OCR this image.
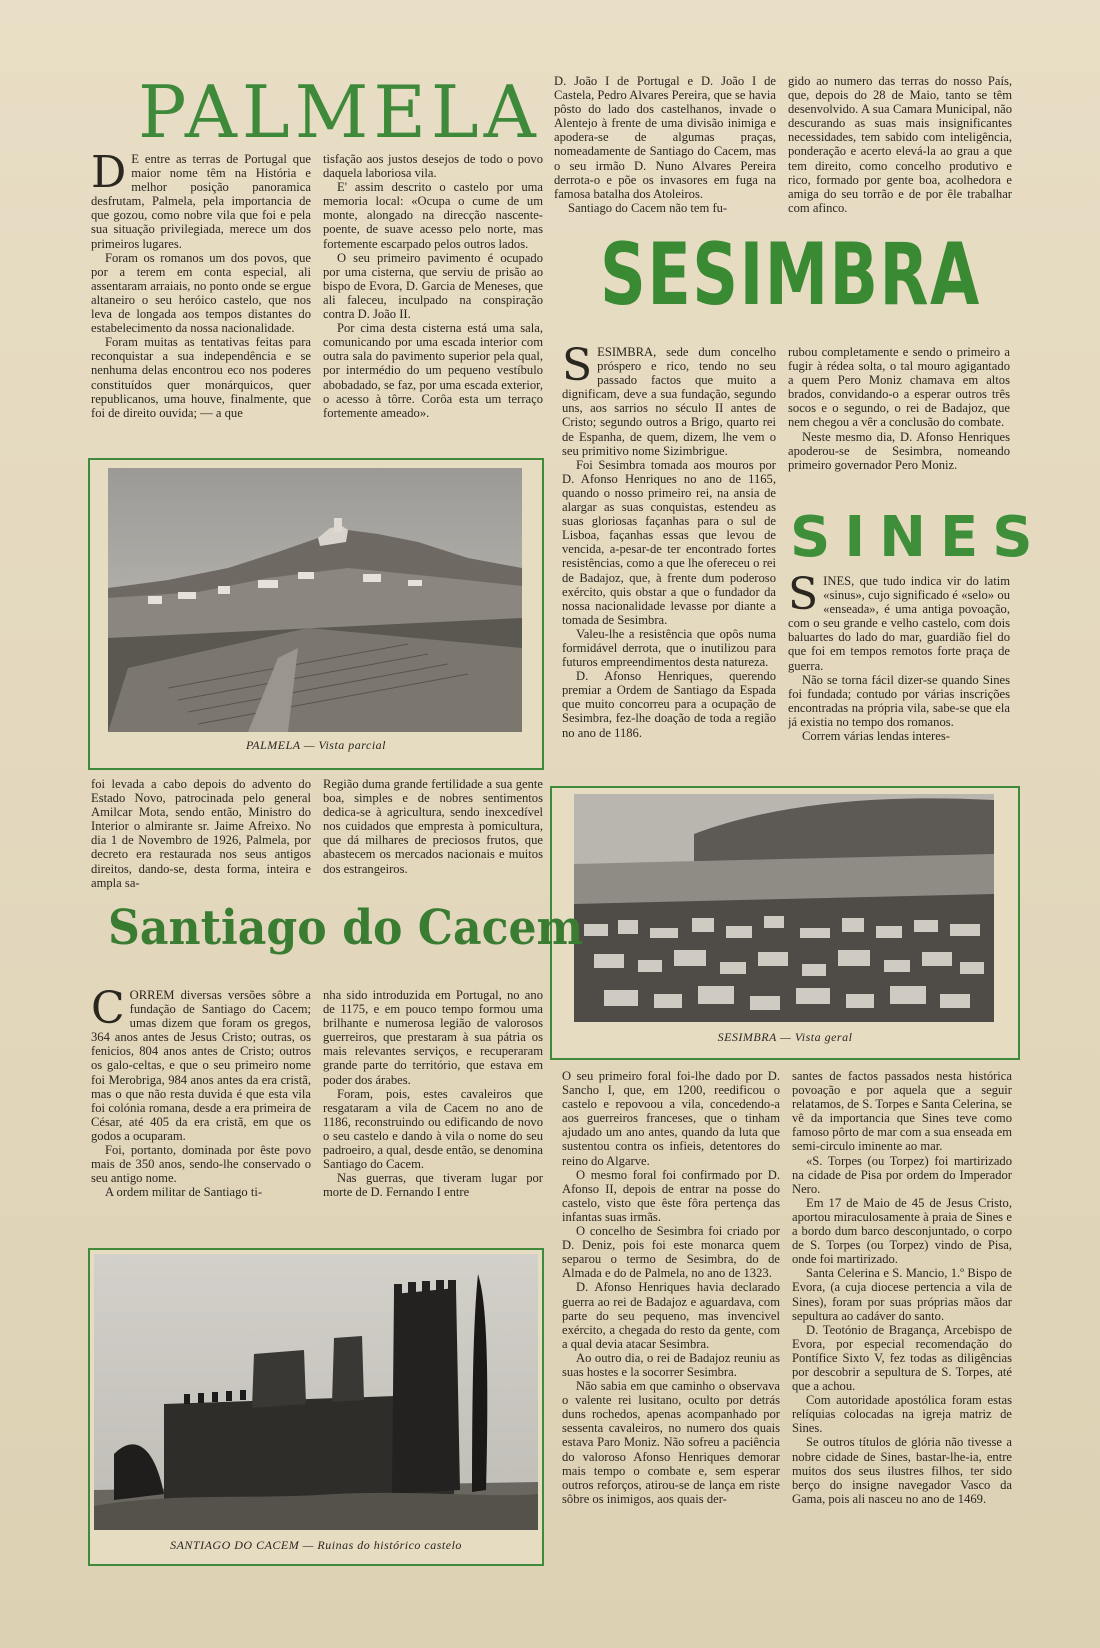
PALMELA
D E entre as terras de Portugal que maior nome têm na História e melhor posição panoramica desfrutam, Palmela, pela importancia de que gozou, como nobre vila que foi e pela sua situação privilegiada, merece um dos primeiros lugares.

Foram os romanos um dos povos, que por a terem em conta especial, ali assentaram arraiais, no ponto onde se ergue altaneiro o seu heróico castelo, que nos leva de longada aos tempos distantes do estabelecimento da nossa nacionalidade.

Foram muitas as tentativas feitas para reconquistar a sua independência e se nenhuma delas encontrou eco nos poderes constituídos quer monárquicos, quer republicanos, uma houve, finalmente, que foi de direito ouvida; — a que

tisfação aos justos desejos de todo o povo daquela laboriosa vila.

E' assim descrito o castelo por uma memoria local: «Ocupa o cume de um monte, alongado na direcção nascente-poente, de suave acesso pelo norte, mas fortemente escarpado pelos outros lados.

O seu primeiro pavimento é ocupado por uma cisterna, que serviu de prisão ao bispo de Evora, D. Garcia de Meneses, que ali faleceu, inculpado na conspiração contra D. João II.

Por cima desta cisterna está uma sala, comunicando por uma escada interior com outra sala do pavimento superior pela qual, por intermédio do um pequeno vestíbulo abobadado, se faz, por uma escada exterior, o acesso à tôrre. Corôa esta um terraço fortemente ameado».

D. João I de Portugal e D. João I de Castela, Pedro Alvares Pereira, que se havia pôsto do lado dos castelhanos, invade o Alentejo à frente de uma divisão inimiga e apodera-se de algumas praças, nomeadamente de Santiago do Cacem, mas o seu irmão D. Nuno Alvares Pereira derrota-o e põe os invasores em fuga na famosa batalha dos Atoleiros.

Santiago do Cacem não tem fu-

gido ao numero das terras do nosso País, que, depois do 28 de Maio, tanto se têm desenvolvido. A sua Camara Municipal, não descurando as suas mais insignificantes necessidades, tem sabido com inteligência, ponderação e acerto elevá-la ao grau a que tem direito, como concelho produtivo e rico, formado por gente boa, acolhedora e amiga do seu torrão e de por êle trabalhar com afinco.

SESIMBRA
S ESIMBRA, sede dum concelho próspero e rico, tendo no seu passado factos que muito a dignificam, deve a sua fundação, segundo uns, aos sarrios no século II antes de Cristo; segundo outros a Brigo, quarto rei de Espanha, de quem, dizem, lhe vem o seu primitivo nome Sizimbrigue.

Foi Sesimbra tomada aos mouros por D. Afonso Henriques no ano de 1165, quando o nosso primeiro rei, na ansia de alargar as suas conquistas, estendeu as suas gloriosas façanhas para o sul de Lisboa, façanhas essas que levou de vencida, a-pesar-de ter encontrado fortes resistências, como a que lhe ofereceu o rei de Badajoz, que, à frente dum poderoso exército, quis obstar a que o fundador da nossa nacionalidade levasse por diante a tomada de Sesimbra.

Valeu-lhe a resistência que opôs numa formidável derrota, que o inutilizou para futuros empreendimentos desta natureza.

D. Afonso Henriques, querendo premiar a Ordem de Santiago da Espada que muito concorreu para a ocupação de Sesimbra, fez-lhe doação de toda a região no ano de 1186.

rubou completamente e sendo o primeiro a fugir à rédea solta, o tal mouro agigantado a quem Pero Moniz chamava em altos brados, convidando-o a esperar outros três socos e o segundo, o rei de Badajoz, que nem chegou a vêr a conclusão do combate.

Neste mesmo dia, D. Afonso Henriques apoderou-se de Sesimbra, nomeando primeiro governador Pero Moniz.

SINES
S INES, que tudo indica vir do latim «sinus», cujo significado é «selo» ou «enseada», é uma antiga povoação, com o seu grande e velho castelo, com dois baluartes do lado do mar, guardião fiel do que foi em tempos remotos forte praça de guerra.

Não se torna fácil dizer-se quando Sines foi fundada; contudo por várias inscrições encontradas na própria vila, sabe-se que ela já existia no tempo dos romanos.

Correm várias lendas interes-

PALMELA — Vista parcial

foi levada a cabo depois do advento do Estado Novo, patrocinada pelo general Amilcar Mota, sendo então, Ministro do Interior o almirante sr. Jaime Afreixo. No dia 1 de Novembro de 1926, Palmela, por decreto era restaurada nos seus antigos direitos, dando-se, desta forma, inteira e ampla sa-

Região duma grande fertilidade a sua gente boa, simples e de nobres sentimentos dedica-se à agricultura, sendo inexcedível nos cuidados que empresta à pomicultura, que dá milhares de preciosos frutos, que abastecem os mercados nacionais e muitos dos estrangeiros.

SESIMBRA — Vista geral
Santiago do Cacem
C ORREM diversas versões sôbre a fundação de Santiago do Cacem; umas dizem que foram os gregos, 364 anos antes de Jesus Cristo; outras, os fenicios, 804 anos antes de Cristo; outros os galo-celtas, e que o seu primeiro nome foi Merobriga, 984 anos antes da era cristã, mas o que não resta duvida é que esta vila foi colónia romana, desde a era primeira de César, até 405 da era cristã, em que os godos a ocuparam.

Foi, portanto, dominada por êste povo mais de 350 anos, sendo-lhe conservado o seu antigo nome.

A ordem militar de Santiago ti-

nha sido introduzida em Portugal, no ano de 1175, e em pouco tempo formou uma brilhante e numerosa legião de valorosos guerreiros, que prestaram à sua pátria os mais relevantes serviços, e recuperaram grande parte do território, que estava em poder dos árabes.

Foram, pois, estes cavaleiros que resgataram a vila de Cacem no ano de 1186, reconstruindo ou edificando de novo o seu castelo e dando à vila o nome do seu padroeiro, a qual, desde então, se denomina Santiago do Cacem.

Nas guerras, que tiveram lugar por morte de D. Fernando I entre

O seu primeiro foral foi-lhe dado por D. Sancho I, que, em 1200, reedificou o castelo e repovoou a vila, concedendo-a aos guerreiros franceses, que o tinham ajudado um ano antes, quando da luta que sustentou contra os infieis, detentores do reino do Algarve.

O mesmo foral foi confirmado por D. Afonso II, depois de entrar na posse do castelo, visto que êste fôra pertença das infantas suas irmãs.

O concelho de Sesimbra foi criado por D. Deniz, pois foi este monarca quem separou o termo de Sesimbra, do de Almada e do de Palmela, no ano de 1323.

D. Afonso Henriques havia declarado guerra ao rei de Badajoz e aguardava, com parte do seu pequeno, mas invencivel exército, a chegada do resto da gente, com a qual devia atacar Sesimbra.

Ao outro dia, o rei de Badajoz reuniu as suas hostes e la socorrer Sesimbra.

Não sabia em que caminho o observava o valente rei lusitano, oculto por detrás duns rochedos, apenas acompanhado por sessenta cavaleiros, no numero dos quais estava Paro Moniz. Não sofreu a paciência do valoroso Afonso Henriques demorar mais tempo o combate e, sem esperar outros reforços, atirou-se de lança em riste sôbre os inimigos, aos quais der-

santes de factos passados nesta histórica povoação e por aquela que a seguir relatamos, de S. Torpes e Santa Celerina, se vê da importancia que Sines teve como famoso pôrto de mar com a sua enseada em semi-circulo iminente ao mar.

«S. Torpes (ou Torpez) foi martirizado na cidade de Pisa por ordem do Imperador Nero.

Em 17 de Maio de 45 de Jesus Cristo, aportou miraculosamente à praia de Sines e a bordo dum barco desconjuntado, o corpo de S. Torpes (ou Torpez) vindo de Pisa, onde foi martirizado.

Santa Celerina e S. Mancio, 1.º Bispo de Evora, (a cuja diocese pertencia a vila de Sines), foram por suas próprias mãos dar sepultura ao cadáver do santo.

D. Teotónio de Bragança, Arcebispo de Evora, por especial recomendação do Pontífice Sixto V, fez todas as diligências por descobrir a sepultura de S. Torpes, até que a achou.

Com autoridade apostólica foram estas relíquias colocadas na igreja matriz de Sines.

Se outros títulos de glória não tivesse a nobre cidade de Sines, bastar-lhe-ia, entre muitos dos seus ilustres filhos, ter sido berço do insigne navegador Vasco da Gama, pois ali nasceu no ano de 1469.

SANTIAGO DO CACEM — Ruinas do histórico castelo
